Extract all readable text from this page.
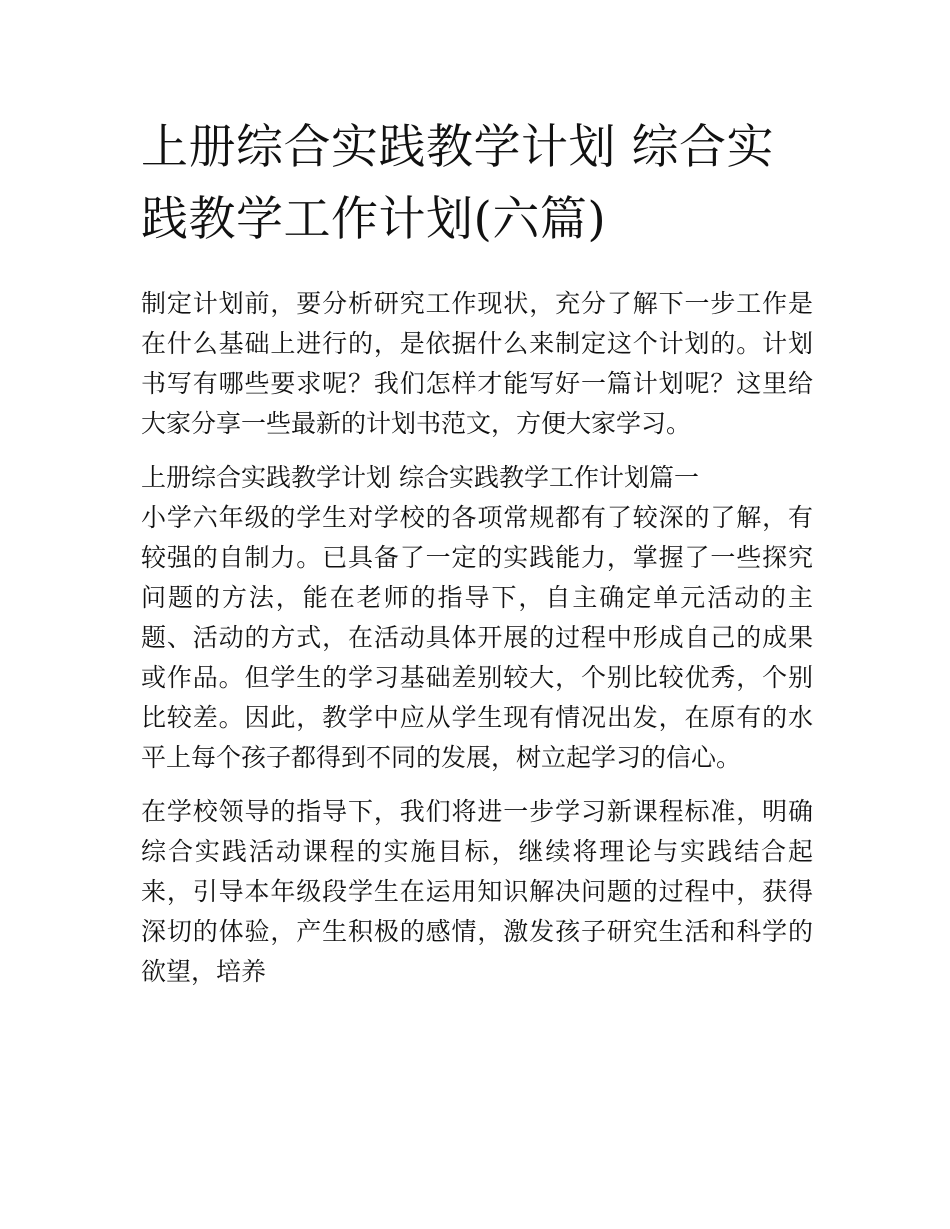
上册综合实践教学计划 综合实践教学工作计划(六篇)

制定计划前，要分析研究工作现状，充分了解下一步工作是在什么基础上进行的，是依据什么来制定这个计划的。计划书写有哪些要求呢？我们怎样才能写好一篇计划呢？这里给大家分享一些最新的计划书范文，方便大家学习。

上册综合实践教学计划 综合实践教学工作计划篇一

小学六年级的学生对学校的各项常规都有了较深的了解，有较强的自制力。已具备了一定的实践能力，掌握了一些探究问题的方法，能在老师的指导下，自主确定单元活动的主题、活动的方式，在活动具体开展的过程中形成自己的成果或作品。但学生的学习基础差别较大，个别比较优秀，个别比较差。因此，教学中应从学生现有情况出发，在原有的水平上每个孩子都得到不同的发展，树立起学习的信心。

在学校领导的指导下，我们将进一步学习新课程标准，明确综合实践活动课程的实施目标，继续将理论与实践结合起来，引导本年级段学生在运用知识解决问题的过程中，获得深切的体验，产生积极的感情，激发孩子研究生活和科学的欲望，培养
